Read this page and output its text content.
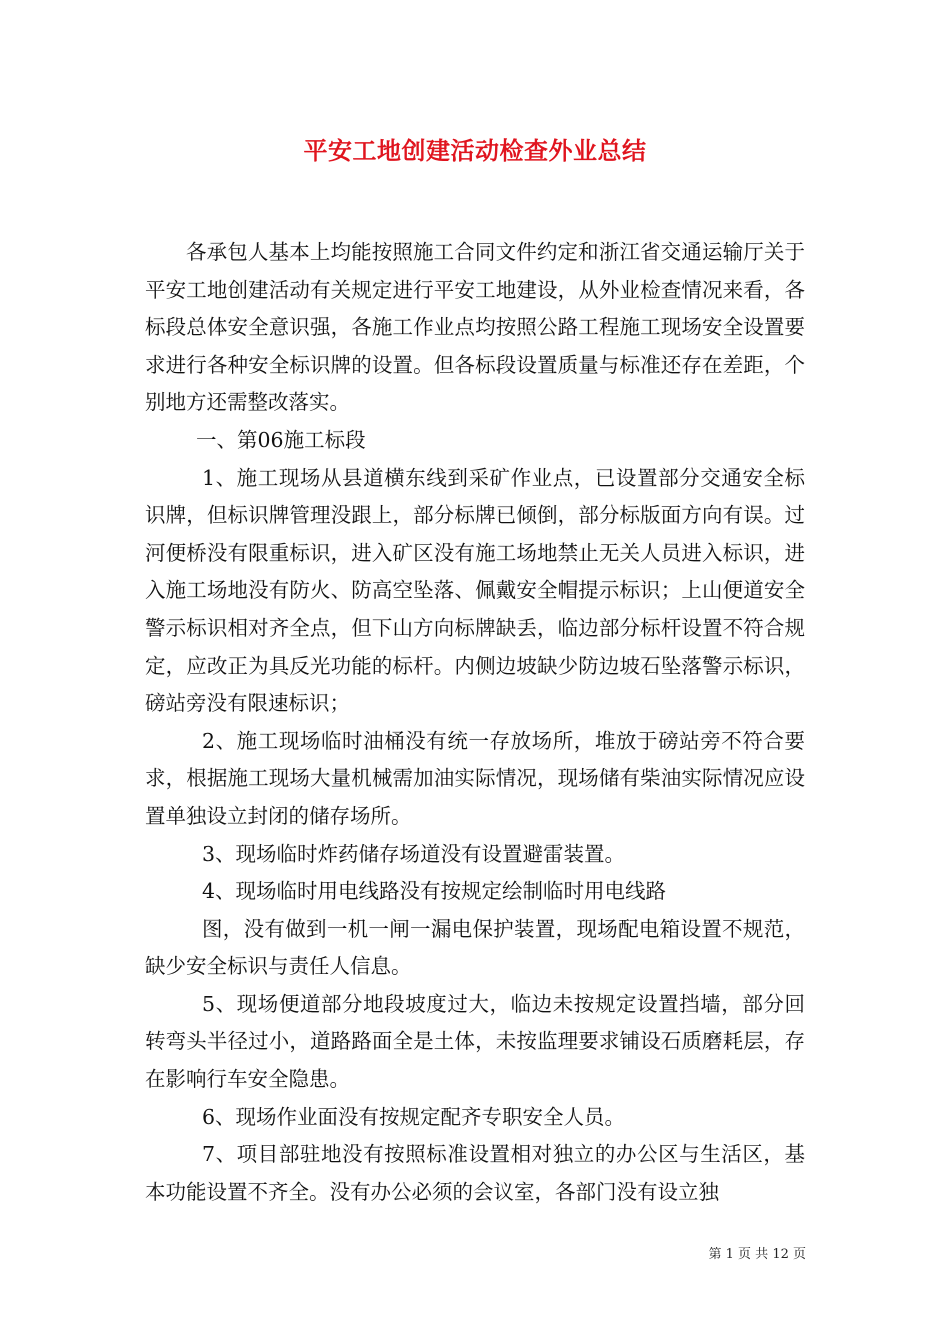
平安工地创建活动检查外业总结

各承包人基本上均能按照施工合同文件约定和浙江省交通运输厅关于平安工地创建活动有关规定进行平安工地建设，从外业检查情况来看，各标段总体安全意识强，各施工作业点均按照公路工程施工现场安全设置要求进行各种安全标识牌的设置。但各标段设置质量与标准还存在差距，个别地方还需整改落实。

一、第06施工标段

1、施工现场从县道横东线到采矿作业点，已设置部分交通安全标识牌，但标识牌管理没跟上，部分标牌已倾倒，部分标版面方向有误。过河便桥没有限重标识，进入矿区没有施工场地禁止无关人员进入标识，进入施工场地没有防火、防高空坠落、佩戴安全帽提示标识；上山便道安全警示标识相对齐全点，但下山方向标牌缺丢，临边部分标杆设置不符合规定，应改正为具反光功能的标杆。内侧边坡缺少防边坡石坠落警示标识，磅站旁没有限速标识；

2、施工现场临时油桶没有统一存放场所，堆放于磅站旁不符合要求，根据施工现场大量机械需加油实际情况，现场储有柴油实际情况应设置单独设立封闭的储存场所。

3、现场临时炸药储存场道没有设置避雷装置。

4、现场临时用电线路没有按规定绘制临时用电线路

图，没有做到一机一闸一漏电保护装置，现场配电箱设置不规范，缺少安全标识与责任人信息。

5、现场便道部分地段坡度过大，临边未按规定设置挡墙，部分回转弯头半径过小，道路路面全是土体，未按监理要求铺设石质磨耗层，存在影响行车安全隐患。

6、现场作业面没有按规定配齐专职安全人员。

7、项目部驻地没有按照标准设置相对独立的办公区与生活区，基本功能设置不齐全。没有办公必须的会议室，各部门没有设立独

第 1 页 共 12 页
